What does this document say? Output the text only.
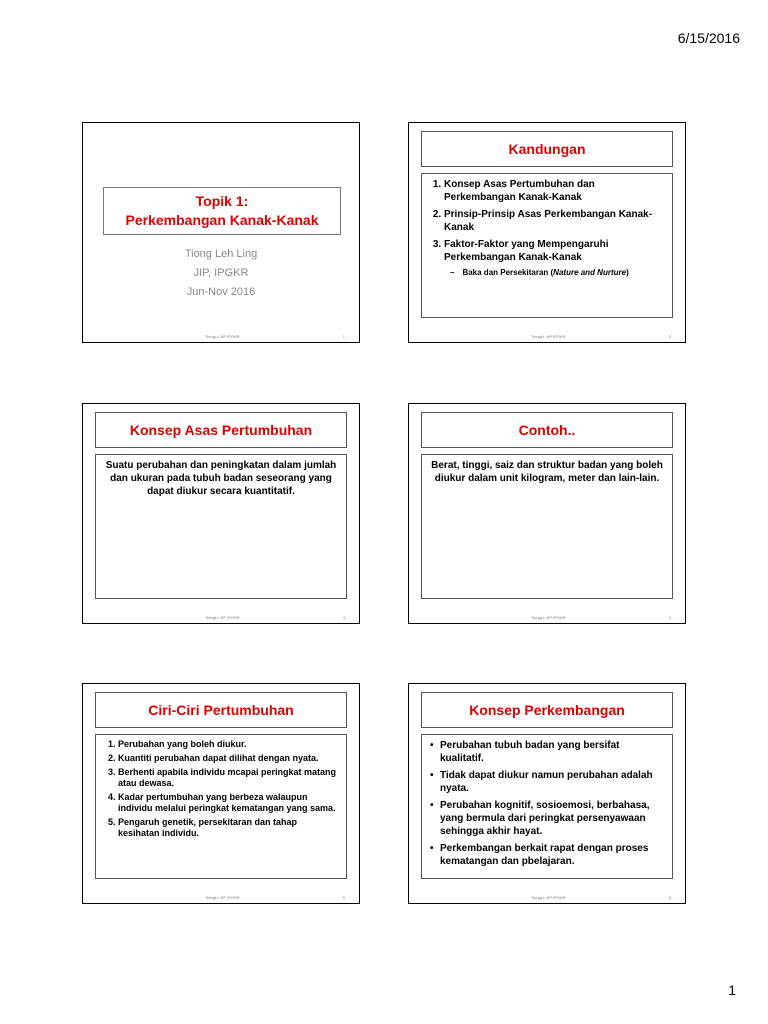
6/15/2016
Topik 1:
Perkembangan Kanak-Kanak
Tiong Leh Ling
JIP, IPGKR
Jun-Nov 2016
TiongLL JIP IPGKR	1
Kandungan
1. Konsep Asas Pertumbuhan dan Perkembangan Kanak-Kanak
2. Prinsip-Prinsip Asas Perkembangan Kanak-Kanak
3. Faktor-Faktor yang Mempengaruhi Perkembangan Kanak-Kanak
– Baka dan Persekitaran (Nature and Nurture)
TiongLL JIP IPGKR	2
Konsep Asas Pertumbuhan
Suatu perubahan dan peningkatan dalam jumlah dan ukuran pada tubuh badan seseorang yang dapat diukur secara kuantitatif.
TiongLL JIP IPGKR	3
Contoh..
Berat, tinggi, saiz dan struktur badan yang boleh diukur dalam unit kilogram, meter dan lain-lain.
TiongLL JIP IPGKR	4
Ciri-Ciri Pertumbuhan
1. Perubahan yang boleh diukur.
2. Kuantiti perubahan dapat dilihat dengan nyata.
3. Berhenti apabila individu mcapai peringkat matang atau dewasa.
4. Kadar pertumbuhan yang berbeza walaupun individu melalui peringkat kematangan yang sama.
5. Pengaruh genetik, persekitaran dan tahap kesihatan individu.
TiongLL JIP IPGKR	5
Konsep Perkembangan
• Perubahan tubuh badan yang bersifat kualitatif.
• Tidak dapat diukur namun perubahan adalah nyata.
• Perubahan kognitif, sosioemosi, berbahasa, yang bermula dari peringkat persenyawaan sehingga akhir hayat.
• Perkembangan berkait rapat dengan proses kematangan dan pbelajaran.
TiongLL JIP IPGKR	6
1
